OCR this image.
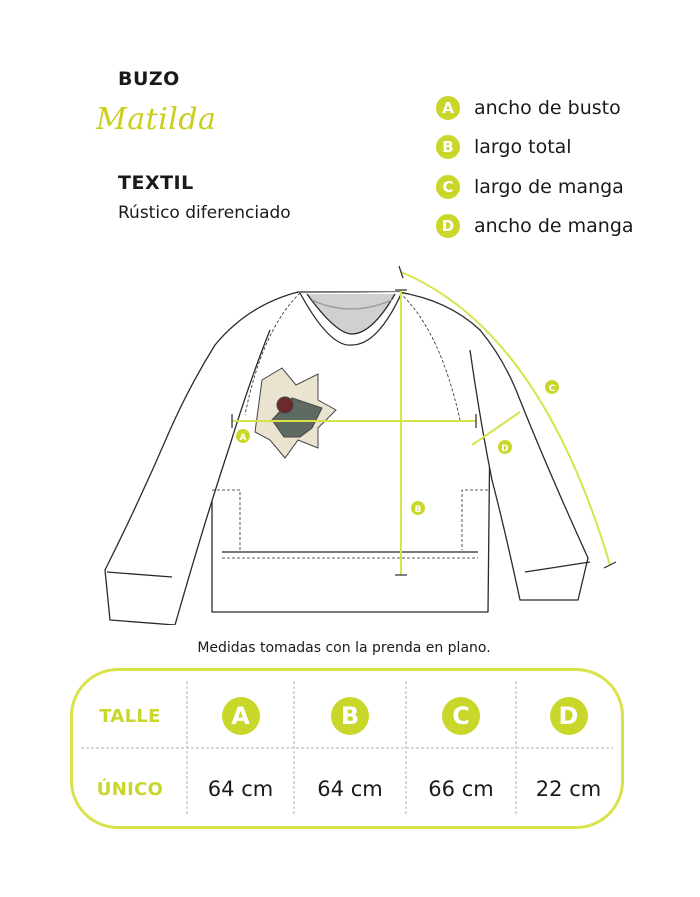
BUZO
Matilda
TEXTIL
Rústico diferenciado
A	ancho de busto
B	largo total
C	largo de manga
D	ancho de manga
A
B
C
D
Medidas tomadas con la prenda en plano.
TALLE	A	B	C	D
ÚNICO	64 cm	64 cm	66 cm	22 cm
